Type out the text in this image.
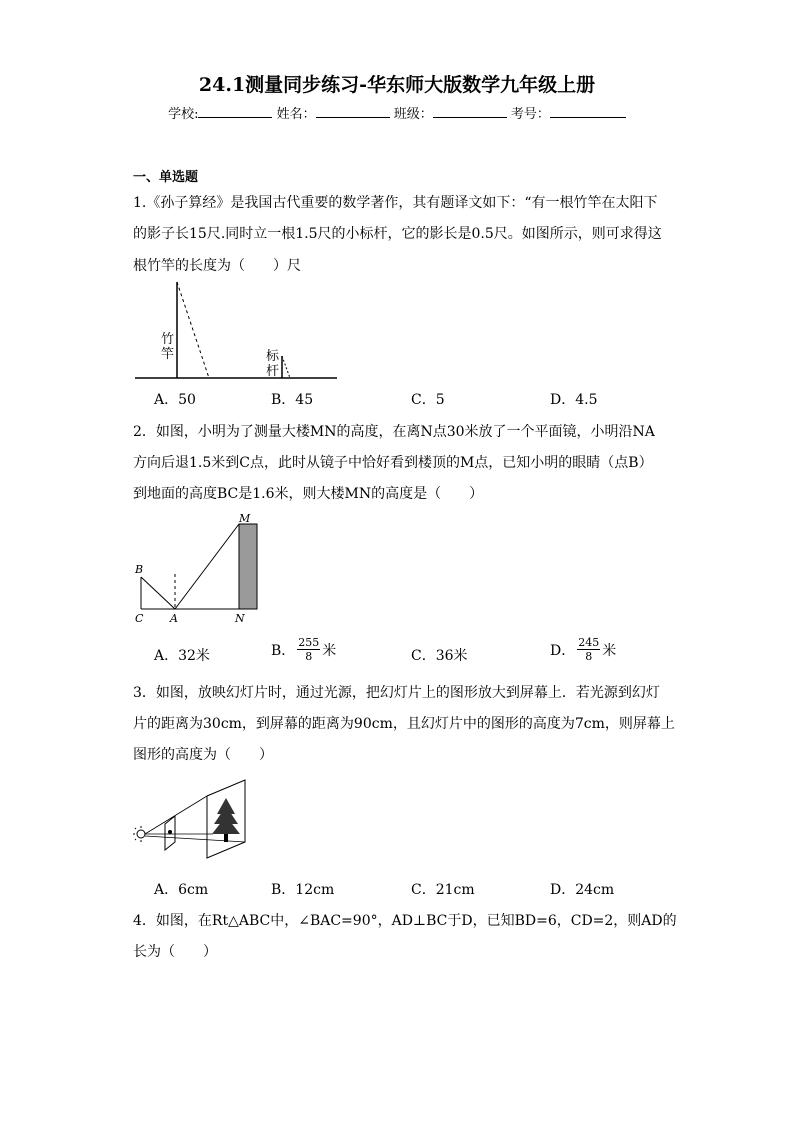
24.1测量同步练习-华东师大版数学九年级上册
学校:	姓名：	班级：	考号：
一、单选题
1.《孙子算经》是我国古代重要的数学著作，其有题译文如下：“有一根竹竿在太阳下
的影子长15尺.同时立一根1.5尺的小标杆，它的影长是0.5尺。如图所示，则可求得这
根竹竿的长度为（　　）尺
竹
竿	标
杆
A．50	B．45	C．5	D．4.5
2．如图，小明为了测量大楼MN的高度，在离N点30米放了一个平面镜，小明沿NA
方向后退1.5米到C点，此时从镜子中恰好看到楼顶的M点，已知小明的眼睛（点B）
到地面的高度BC是1.6米，则大楼MN的高度是（　　）
M
B
C A	N
A．32米	B． $\frac{255}{8}$ 米	C．36米	D． $\frac{245}{8}$ 米
3．如图，放映幻灯片时，通过光源，把幻灯片上的图形放大到屏幕上．若光源到幻灯
片的距离为30cm，到屏幕的距离为90cm，且幻灯片中的图形的高度为7cm，则屏幕上
图形的高度为（　　）
A．6cm	B．12cm	C．21cm	D．24cm
4．如图，在Rt△ABC中，∠BAC=90°，AD⊥BC于D，已知BD=6，CD=2，则AD的
长为（　　）
